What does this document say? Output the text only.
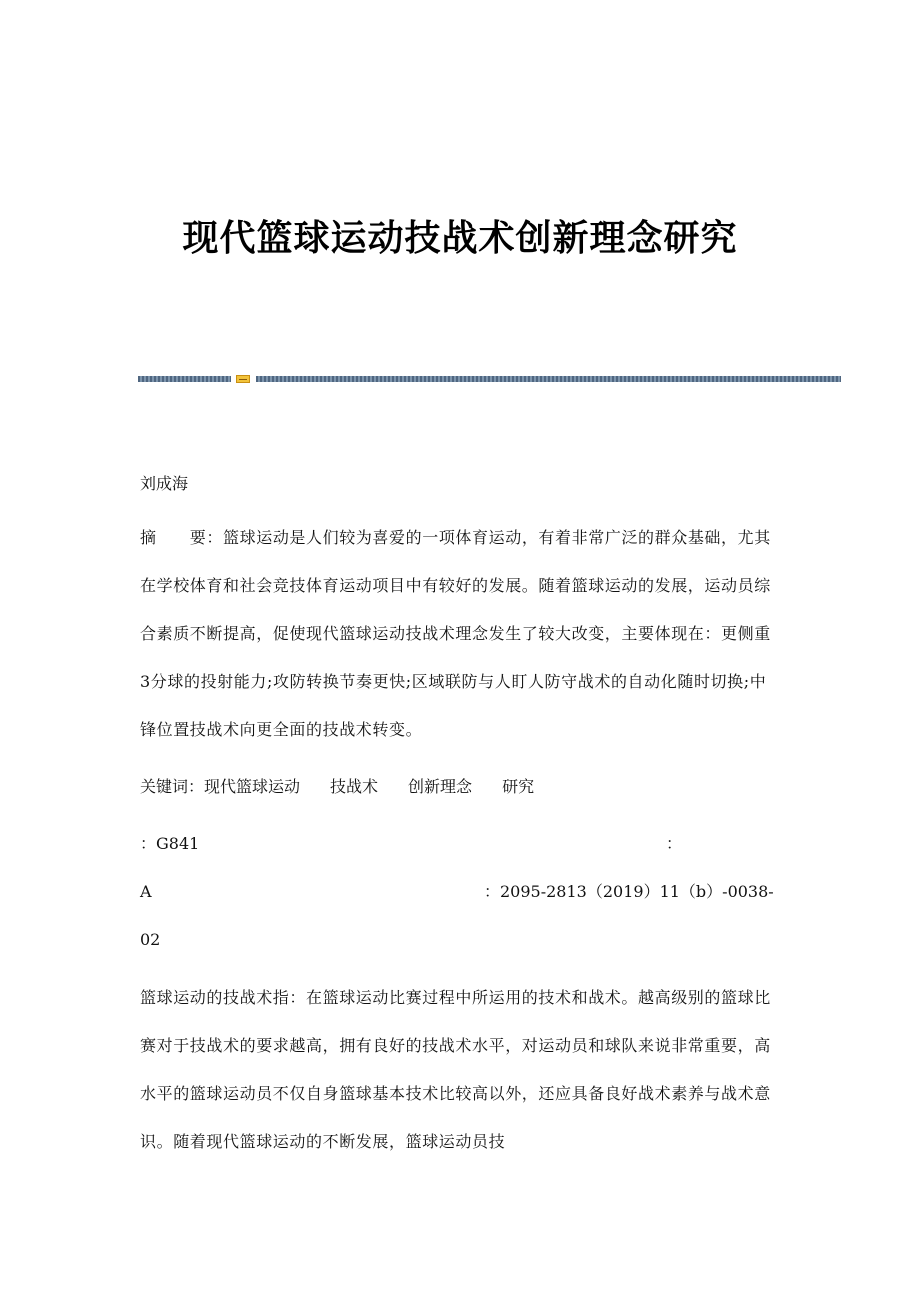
现代篮球运动技战术创新理念研究
刘成海
摘　　要：篮球运动是人们较为喜爱的一项体育运动，有着非常广泛的群众基础，尤其在学校体育和社会竞技体育运动项目中有较好的发展。随着篮球运动的发展，运动员综合素质不断提高，促使现代篮球运动技战术理念发生了较大改变，主要体现在：更侧重3分球的投射能力;攻防转换节奏更快;区域联防与人盯人防守战术的自动化随时切换;中锋位置技战术向更全面的技战术转变。
关键词：现代篮球运动 技战术 创新理念 研究
：G841	：
A	：2095-2813（2019）11（b）-0038-
02
篮球运动的技战术指：在篮球运动比赛过程中所运用的技术和战术。越高级别的篮球比赛对于技战术的要求越高，拥有良好的技战术水平，对运动员和球队来说非常重要，高水平的篮球运动员不仅自身篮球基本技术比较高以外，还应具备良好战术素养与战术意识。随着现代篮球运动的不断发展，篮球运动员技
